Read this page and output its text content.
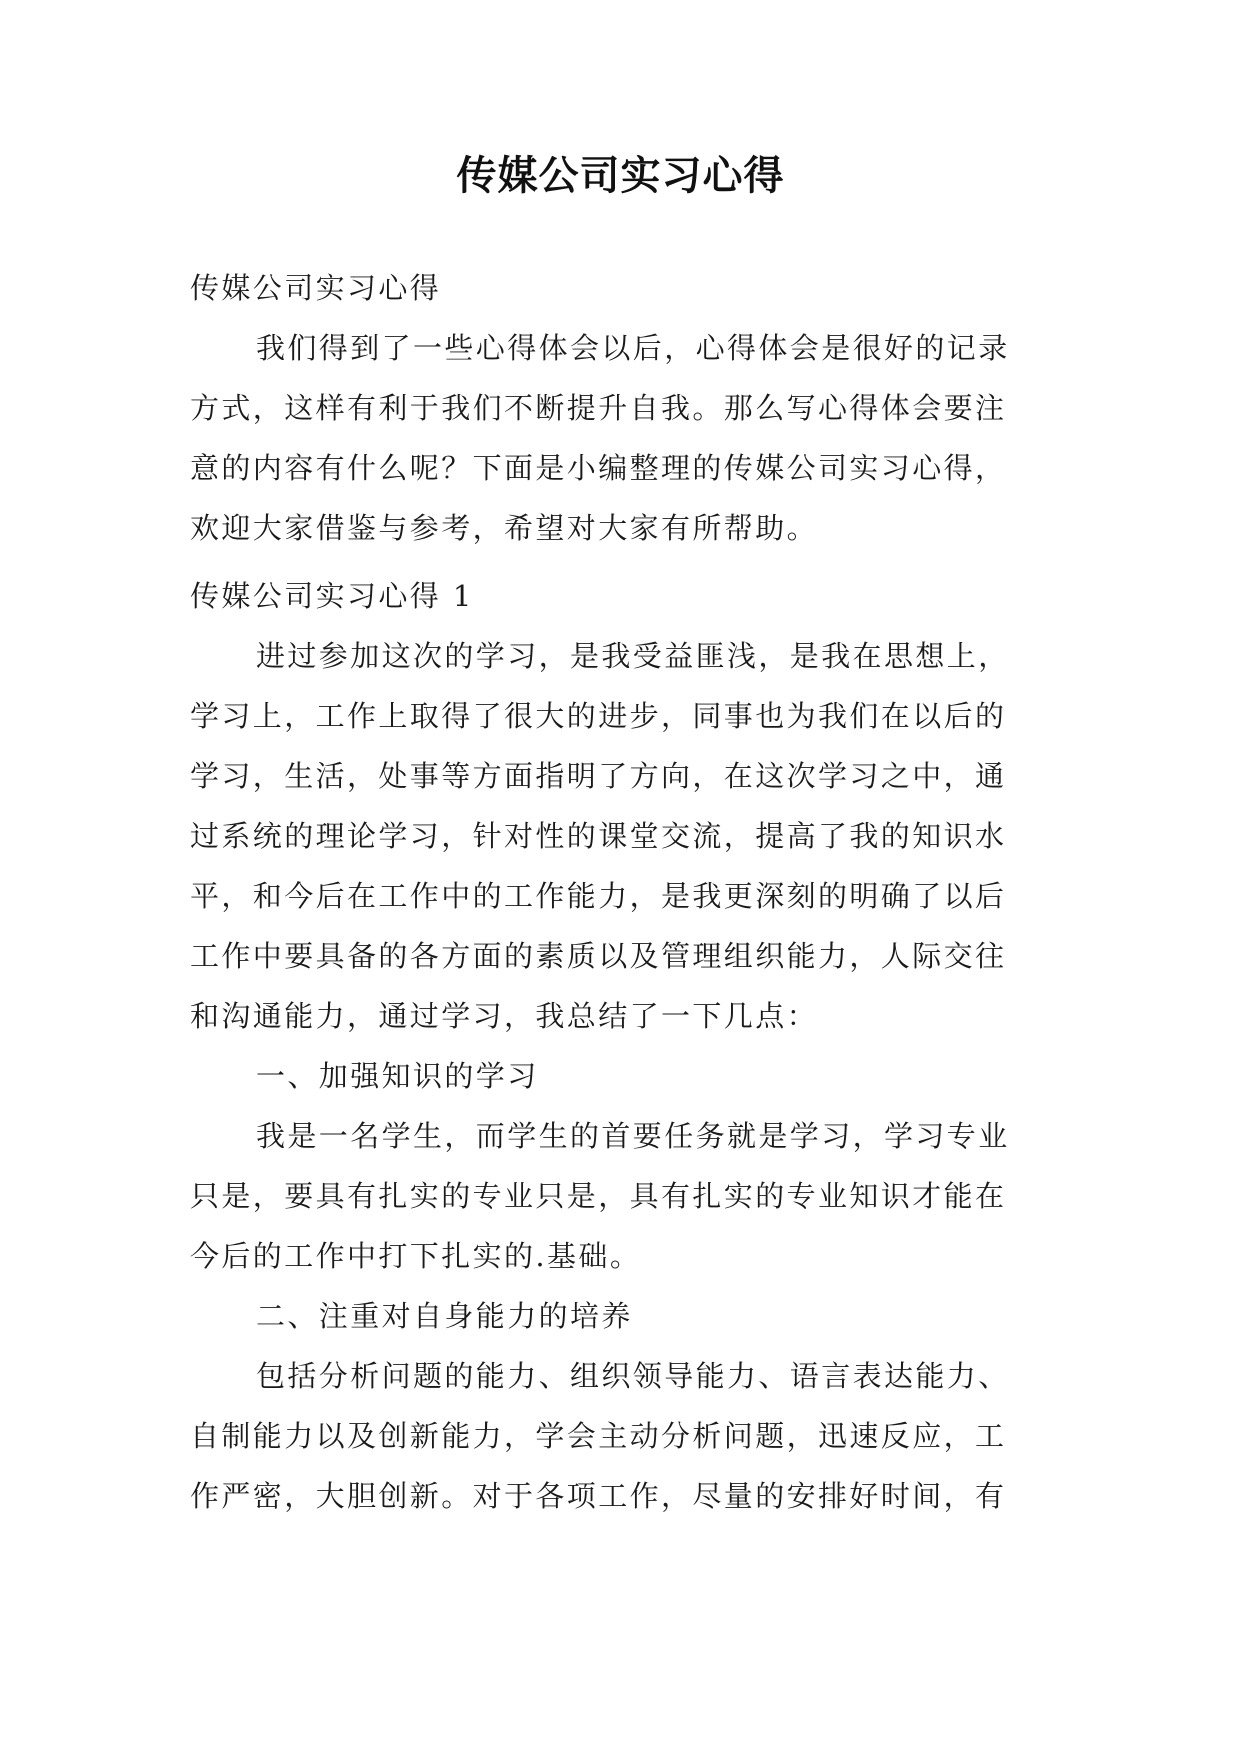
传媒公司实习心得
传媒公司实习心得
我们得到了一些心得体会以后，心得体会是很好的记录
方式，这样有利于我们不断提升自我。那么写心得体会要注
意的内容有什么呢？下面是小编整理的传媒公司实习心得，
欢迎大家借鉴与参考，希望对大家有所帮助。
传媒公司实习心得 1
进过参加这次的学习，是我受益匪浅，是我在思想上，
学习上，工作上取得了很大的进步，同事也为我们在以后的
学习，生活，处事等方面指明了方向，在这次学习之中，通
过系统的理论学习，针对性的课堂交流，提高了我的知识水
平，和今后在工作中的工作能力，是我更深刻的明确了以后
工作中要具备的各方面的素质以及管理组织能力，人际交往
和沟通能力，通过学习，我总结了一下几点：
一、加强知识的学习
我是一名学生，而学生的首要任务就是学习，学习专业
只是，要具有扎实的专业只是，具有扎实的专业知识才能在
今后的工作中打下扎实的.基础。
二、注重对自身能力的培养
包括分析问题的能力、组织领导能力、语言表达能力、
自制能力以及创新能力，学会主动分析问题，迅速反应，工
作严密，大胆创新。对于各项工作，尽量的安排好时间，有
